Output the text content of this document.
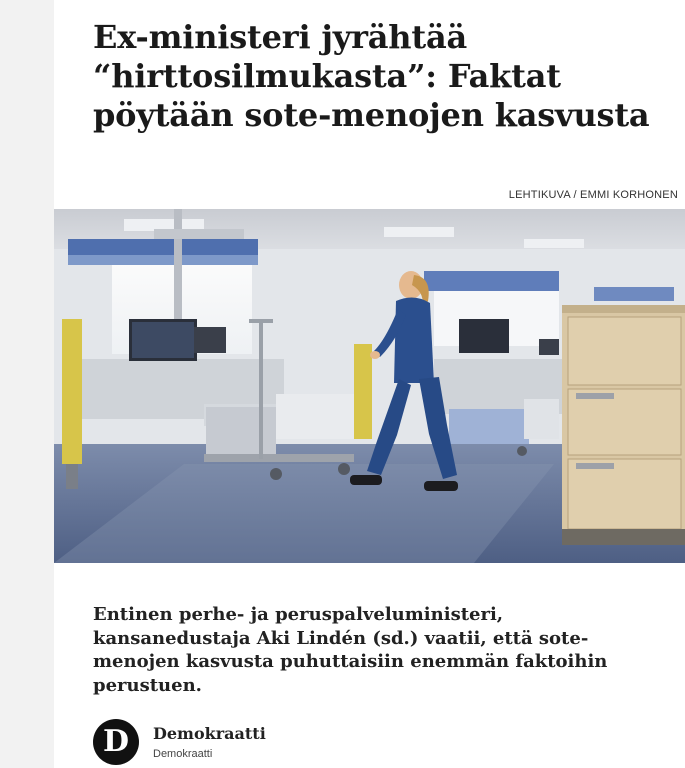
Ex-ministeri jyrähtää “hirttosilmukasta”: Faktat pöytään sote-menojen kasvusta
LEHTIKUVA / EMMI KORHONEN

Entinen perhe- ja peruspalveluministeri, kansanedustaja Aki Lindén (sd.) vaatii, että sote-menojen kasvusta puhuttaisiin enemmän faktoihin perustuen.

D Demokraatti
Demokraatti
